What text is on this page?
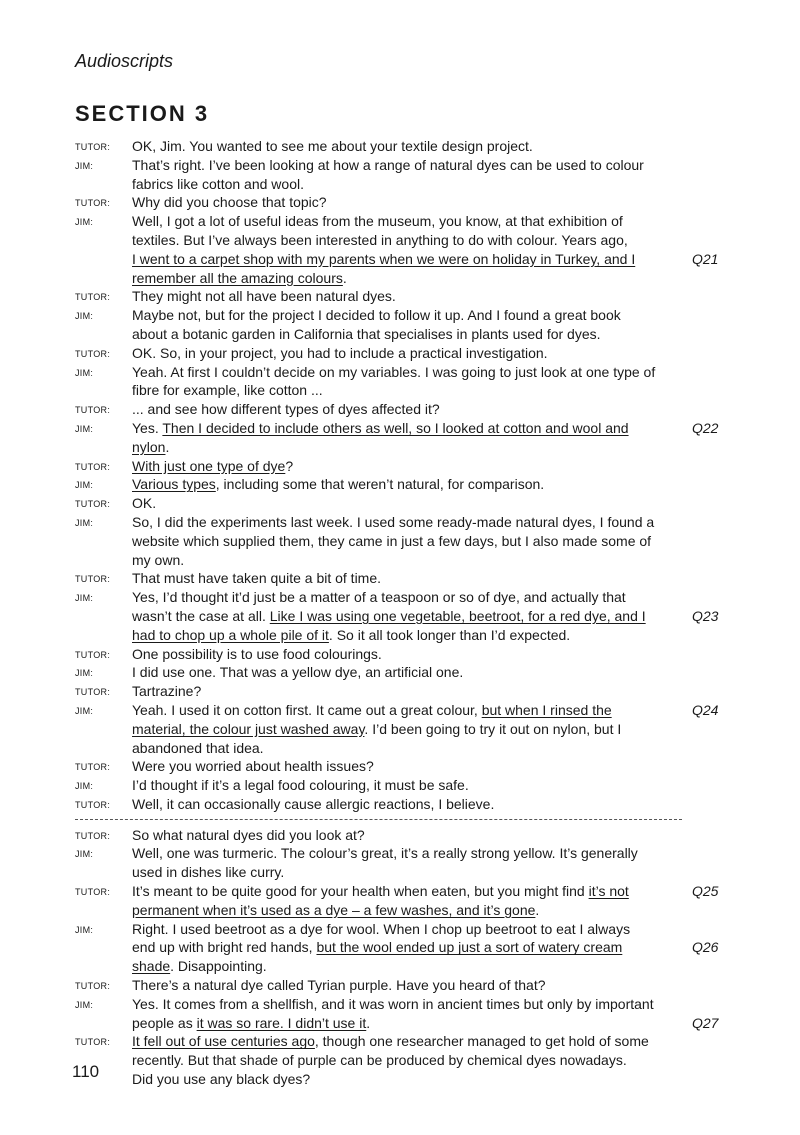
Audioscripts
SECTION 3
TUTOR: OK, Jim. You wanted to see me about your textile design project.
JIM:	That’s right. I’ve been looking at how a range of natural dyes can be used to colour
fabrics like cotton and wool.
TUTOR: Why did you choose that topic?
JIM:	Well, I got a lot of useful ideas from the museum, you know, at that exhibition of
textiles. But I’ve always been interested in anything to do with colour. Years ago,
I went to a carpet shop with my parents when we were on holiday in Turkey, and I	Q21
remember all the amazing colours.
TUTOR: They might not all have been natural dyes.
JIM:	Maybe not, but for the project I decided to follow it up. And I found a great book
about a botanic garden in California that specialises in plants used for dyes.
TUTOR: OK. So, in your project, you had to include a practical investigation.
JIM:	Yeah. At first I couldn’t decide on my variables. I was going to just look at one type of
fibre for example, like cotton ...
TUTOR: ... and see how different types of dyes affected it?
JIM:	Yes. Then I decided to include others as well, so I looked at cotton and wool and	Q22
nylon.
TUTOR: With just one type of dye?
JIM:	Various types, including some that weren’t natural, for comparison.
TUTOR: OK.
JIM:	So, I did the experiments last week. I used some ready-made natural dyes, I found a
website which supplied them, they came in just a few days, but I also made some of
my own.
TUTOR: That must have taken quite a bit of time.
JIM:	Yes, I’d thought it’d just be a matter of a teaspoon or so of dye, and actually that
wasn’t the case at all. Like I was using one vegetable, beetroot, for a red dye, and I	Q23
had to chop up a whole pile of it. So it all took longer than I’d expected.
TUTOR: One possibility is to use food colourings.
JIM:	I did use one. That was a yellow dye, an artificial one.
TUTOR: Tartrazine?
JIM:	Yeah. I used it on cotton first. It came out a great colour, but when I rinsed the	Q24
material, the colour just washed away. I’d been going to try it out on nylon, but I
abandoned that idea.
TUTOR: Were you worried about health issues?
JIM:	I’d thought if it’s a legal food colouring, it must be safe.
TUTOR: Well, it can occasionally cause allergic reactions, I believe.
TUTOR: So what natural dyes did you look at?
JIM:	Well, one was turmeric. The colour’s great, it’s a really strong yellow. It’s generally
used in dishes like curry.
TUTOR: It’s meant to be quite good for your health when eaten, but you might find it’s not	Q25
permanent when it’s used as a dye – a few washes, and it’s gone.
JIM:	Right. I used beetroot as a dye for wool. When I chop up beetroot to eat I always
end up with bright red hands, but the wool ended up just a sort of watery cream	Q26
shade. Disappointing.
TUTOR: There’s a natural dye called Tyrian purple. Have you heard of that?
JIM:	Yes. It comes from a shellfish, and it was worn in ancient times but only by important
people as it was so rare. I didn’t use it.	Q27
TUTOR: It fell out of use centuries ago, though one researcher managed to get hold of some
recently. But that shade of purple can be produced by chemical dyes nowadays.
Did you use any black dyes?
110
